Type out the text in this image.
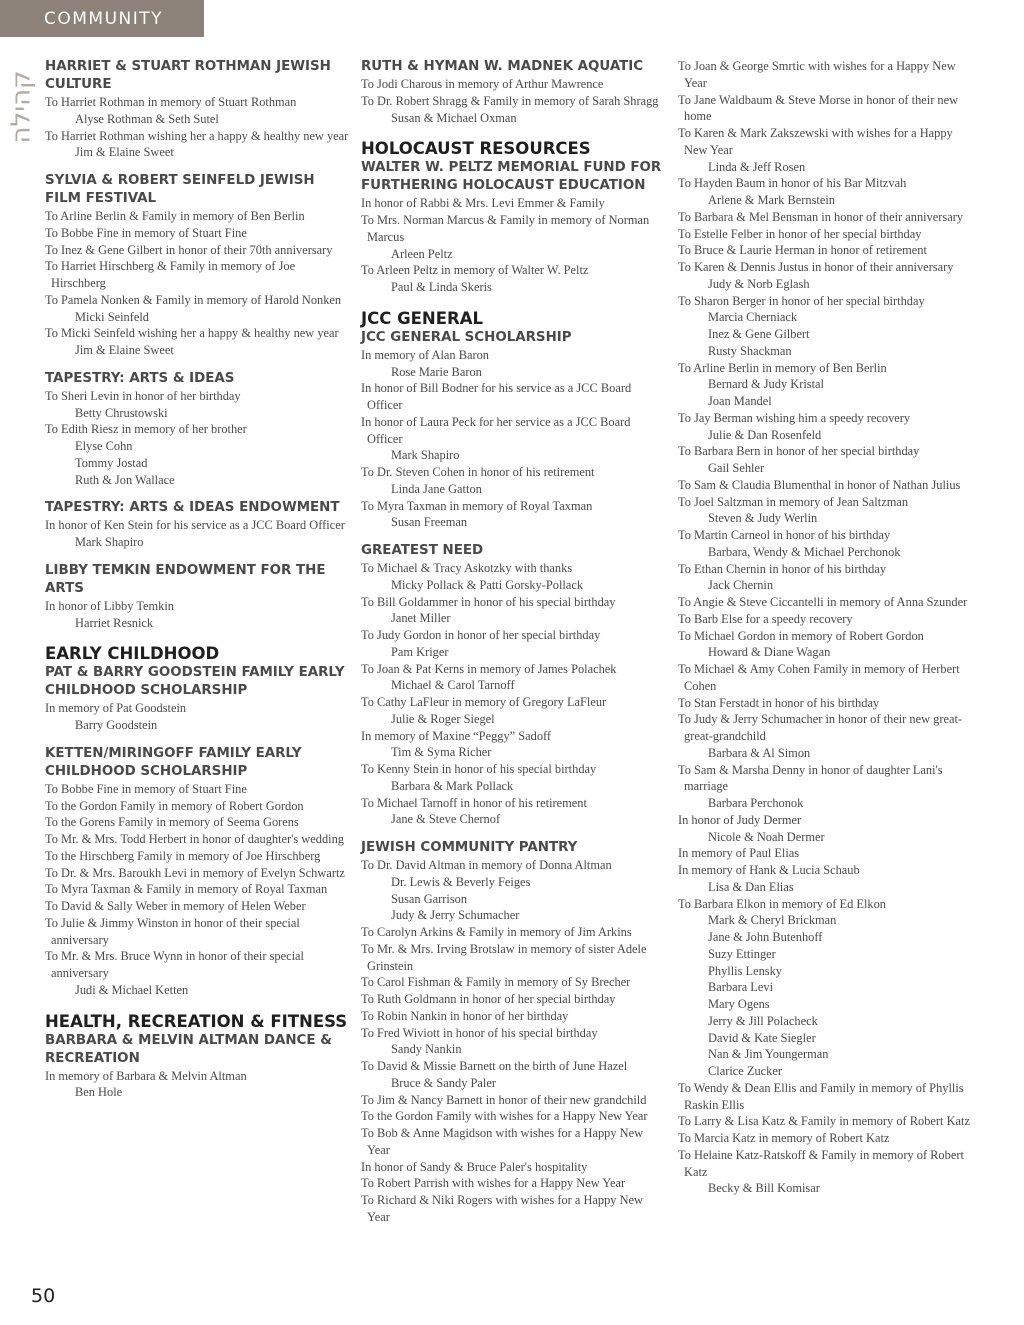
COMMUNITY
קהילה
HARRIET & STUART ROTHMAN JEWISH CULTURE

To Harriet Rothman in memory of Stuart Rothman

Alyse Rothman & Seth Sutel

To Harriet Rothman wishing her a happy & healthy new year

Jim & Elaine Sweet

SYLVIA & ROBERT SEINFELD JEWISH FILM FESTIVAL

To Arline Berlin & Family in memory of Ben Berlin

To Bobbe Fine in memory of Stuart Fine

To Inez & Gene Gilbert in honor of their 70th anniversary

To Harriet Hirschberg & Family in memory of Joe Hirschberg

To Pamela Nonken & Family in memory of Harold Nonken

Micki Seinfeld

To Micki Seinfeld wishing her a happy & healthy new year

Jim & Elaine Sweet

TAPESTRY: ARTS & IDEAS

To Sheri Levin in honor of her birthday

Betty Chrustowski

To Edith Riesz in memory of her brother

Elyse Cohn

Tommy Jostad

Ruth & Jon Wallace

TAPESTRY: ARTS & IDEAS ENDOWMENT

In honor of Ken Stein for his service as a JCC Board Officer

Mark Shapiro

LIBBY TEMKIN ENDOWMENT FOR THE ARTS

In honor of Libby Temkin

Harriet Resnick

EARLY CHILDHOOD
PAT & BARRY GOODSTEIN FAMILY EARLY CHILDHOOD SCHOLARSHIP

In memory of Pat Goodstein

Barry Goodstein

KETTEN/MIRINGOFF FAMILY EARLY CHILDHOOD SCHOLARSHIP

To Bobbe Fine in memory of Stuart Fine

To the Gordon Family in memory of Robert Gordon

To the Gorens Family in memory of Seema Gorens

To Mr. & Mrs. Todd Herbert in honor of daughter's wedding

To the Hirschberg Family in memory of Joe Hirschberg

To Dr. & Mrs. Baroukh Levi in memory of Evelyn Schwartz

To Myra Taxman & Family in memory of Royal Taxman

To David & Sally Weber in memory of Helen Weber

To Julie & Jimmy Winston in honor of their special anniversary

To Mr. & Mrs. Bruce Wynn in honor of their special anniversary

Judi & Michael Ketten

HEALTH, RECREATION & FITNESS
BARBARA & MELVIN ALTMAN DANCE & RECREATION

In memory of Barbara & Melvin Altman

Ben Hole

RUTH & HYMAN W. MADNEK AQUATIC

To Jodi Charous in memory of Arthur Mawrence

To Dr. Robert Shragg & Family in memory of Sarah Shragg

Susan & Michael Oxman

HOLOCAUST RESOURCES
WALTER W. PELTZ MEMORIAL FUND FOR FURTHERING HOLOCAUST EDUCATION

In honor of Rabbi & Mrs. Levi Emmer & Family

To Mrs. Norman Marcus & Family in memory of Norman Marcus

Arleen Peltz

To Arleen Peltz in memory of Walter W. Peltz

Paul & Linda Skeris

JCC GENERAL
JCC GENERAL SCHOLARSHIP

In memory of Alan Baron

Rose Marie Baron

In honor of Bill Bodner for his service as a JCC Board Officer

In honor of Laura Peck for her service as a JCC Board Officer

Mark Shapiro

To Dr. Steven Cohen in honor of his retirement

Linda Jane Gatton

To Myra Taxman in memory of Royal Taxman

Susan Freeman

GREATEST NEED

To Michael & Tracy Askotzky with thanks

Micky Pollack & Patti Gorsky-Pollack

To Bill Goldammer in honor of his special birthday

Janet Miller

To Judy Gordon in honor of her special birthday

Pam Kriger

To Joan & Pat Kerns in memory of James Polachek

Michael & Carol Tarnoff

To Cathy LaFleur in memory of Gregory LaFleur

Julie & Roger Siegel

In memory of Maxine “Peggy” Sadoff

Tim & Syma Richer

To Kenny Stein in honor of his special birthday

Barbara & Mark Pollack

To Michael Tarnoff in honor of his retirement

Jane & Steve Chernof

JEWISH COMMUNITY PANTRY

To Dr. David Altman in memory of Donna Altman

Dr. Lewis & Beverly Feiges

Susan Garrison

Judy & Jerry Schumacher

To Carolyn Arkins & Family in memory of Jim Arkins

To Mr. & Mrs. Irving Brotslaw in memory of sister Adele Grinstein

To Carol Fishman & Family in memory of Sy Brecher

To Ruth Goldmann in honor of her special birthday

To Robin Nankin in honor of her birthday

To Fred Wiviott in honor of his special birthday

Sandy Nankin

To David & Missie Barnett on the birth of June Hazel

Bruce & Sandy Paler

To Jim & Nancy Barnett in honor of their new grandchild

To the Gordon Family with wishes for a Happy New Year

To Bob & Anne Magidson with wishes for a Happy New Year

In honor of Sandy & Bruce Paler's hospitality

To Robert Parrish with wishes for a Happy New Year

To Richard & Niki Rogers with wishes for a Happy New Year

To Joan & George Smrtic with wishes for a Happy New Year

To Jane Waldbaum & Steve Morse in honor of their new home

To Karen & Mark Zakszewski with wishes for a Happy New Year

Linda & Jeff Rosen

To Hayden Baum in honor of his Bar Mitzvah

Arlene & Mark Bernstein

To Barbara & Mel Bensman in honor of their anniversary

To Estelle Felber in honor of her special birthday

To Bruce & Laurie Herman in honor of retirement

To Karen & Dennis Justus in honor of their anniversary

Judy & Norb Eglash

To Sharon Berger in honor of her special birthday

Marcia Cherniack

Inez & Gene Gilbert

Rusty Shackman

To Arline Berlin in memory of Ben Berlin

Bernard & Judy Kristal

Joan Mandel

To Jay Berman wishing him a speedy recovery

Julie & Dan Rosenfeld

To Barbara Bern in honor of her special birthday

Gail Sehler

To Sam & Claudia Blumenthal in honor of Nathan Julius

To Joel Saltzman in memory of Jean Saltzman

Steven & Judy Werlin

To Martin Carneol in honor of his birthday

Barbara, Wendy & Michael Perchonok

To Ethan Chernin in honor of his birthday

Jack Chernin

To Angie & Steve Ciccantelli in memory of Anna Szunder

To Barb Else for a speedy recovery

To Michael Gordon in memory of Robert Gordon

Howard & Diane Wagan

To Michael & Amy Cohen Family in memory of Herbert Cohen

To Stan Ferstadt in honor of his birthday

To Judy & Jerry Schumacher in honor of their new great-great-grandchild

Barbara & Al Simon

To Sam & Marsha Denny in honor of daughter Lani's marriage

Barbara Perchonok

In honor of Judy Dermer

Nicole & Noah Dermer

In memory of Paul Elias

In memory of Hank & Lucia Schaub

Lisa & Dan Elias

To Barbara Elkon in memory of Ed Elkon

Mark & Cheryl Brickman

Jane & John Butenhoff

Suzy Ettinger

Phyllis Lensky

Barbara Levi

Mary Ogens

Jerry & Jill Polacheck

David & Kate Siegler

Nan & Jim Youngerman

Clarice Zucker

To Wendy & Dean Ellis and Family in memory of Phyllis Raskin Ellis

To Larry & Lisa Katz & Family in memory of Robert Katz

To Marcia Katz in memory of Robert Katz

To Helaine Katz-Ratskoff & Family in memory of Robert Katz

Becky & Bill Komisar

50
